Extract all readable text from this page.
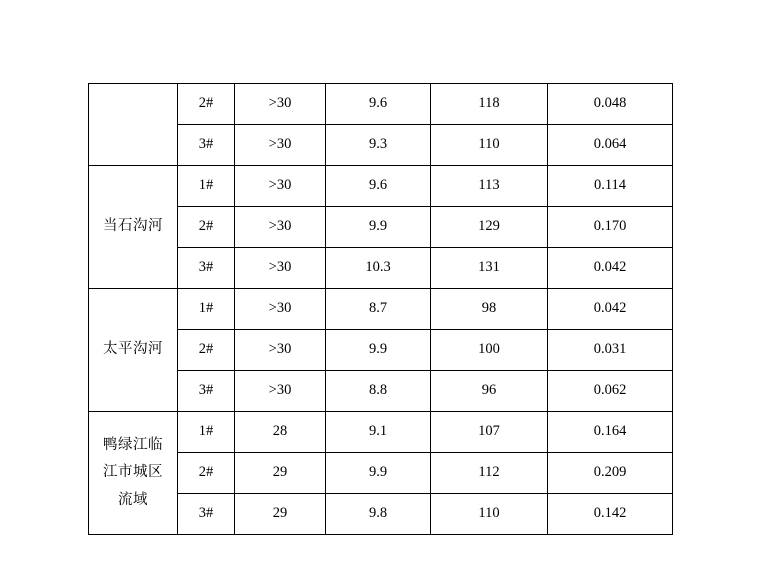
	2#	>30	9.6	118	0.048
	3#	>30	9.3	110	0.064
当石沟河	1#	>30	9.6	113	0.114
	2#	>30	9.9	129	0.170
	3#	>30	10.3	131	0.042
太平沟河	1#	>30	8.7	98	0.042
	2#	>30	9.9	100	0.031
	3#	>30	8.8	96	0.062

鸭绿江临
江市城区
流域	1#	28	9.1	107	0.164
	2#	29	9.9	112	0.209
	3#	29	9.8	110	0.142
